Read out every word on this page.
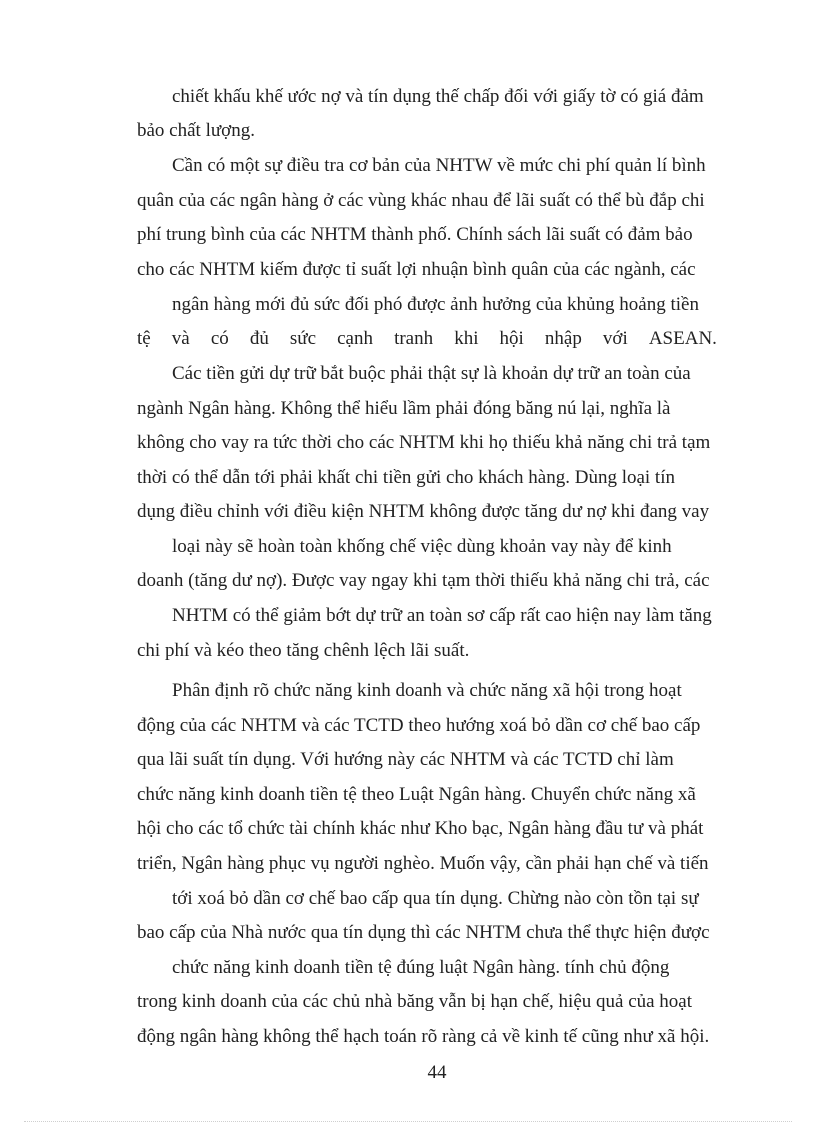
chiết khấu khế ước nợ và tín dụng thế chấp đối với giấy tờ có giá đảm
bảo chất lượng.
Cần có một sự điều tra cơ bản của NHTW về mức chi phí quản lí bình
quân của các ngân hàng ở các vùng khác nhau để lãi suất có thể bù đắp chi
phí trung bình của các NHTM thành phố. Chính sách lãi suất có đảm bảo
cho các NHTM kiếm được tỉ suất lợi nhuận bình quân của các ngành, các
ngân hàng mới đủ sức đối phó được ảnh hưởng của khủng hoảng tiền
tệ và có đủ sức cạnh tranh khi hội nhập với ASEAN.
Các tiền gửi dự trữ bắt buộc phải thật sự là khoản dự trữ an toàn của
ngành Ngân hàng. Không thể hiểu lầm phải đóng băng nú lại, nghĩa là
không cho vay ra tức thời cho các NHTM khi họ thiếu khả năng chi trả tạm
thời có thể dẫn tới phải khất chi tiền gửi cho khách hàng. Dùng loại tín
dụng điều chỉnh với điều kiện NHTM không được tăng dư nợ khi đang vay
loại này sẽ hoàn toàn khống chế việc dùng khoản vay này để kinh
doanh (tăng dư nợ). Được vay ngay khi tạm thời thiếu khả năng chi trả, các
NHTM có thể giảm bớt dự trữ an toàn sơ cấp rất cao hiện nay làm tăng
chi phí và kéo theo tăng chênh lệch lãi suất.
Phân định rõ chức năng kinh doanh và chức năng xã hội trong hoạt
động của các NHTM và các TCTD theo hướng xoá bỏ dần cơ chế bao cấp
qua lãi suất tín dụng. Với hướng này các NHTM và các TCTD chỉ làm
chức năng kinh doanh tiền tệ theo Luật Ngân hàng. Chuyển chức năng xã
hội cho các tổ chức tài chính khác như Kho bạc, Ngân hàng đầu tư và phát
triển, Ngân hàng phục vụ người nghèo. Muốn vậy, cần phải hạn chế và tiến
tới xoá bỏ dần cơ chế bao cấp qua tín dụng. Chừng nào còn tồn tại sự
bao cấp của Nhà nước qua tín dụng thì các NHTM chưa thể thực hiện được
chức năng kinh doanh tiền tệ đúng luật Ngân hàng. tính chủ động
trong kinh doanh của các chủ nhà băng vẫn bị hạn chế, hiệu quả của hoạt
động ngân hàng không thể hạch toán rõ ràng cả về kinh tế cũng như xã hội.
44
